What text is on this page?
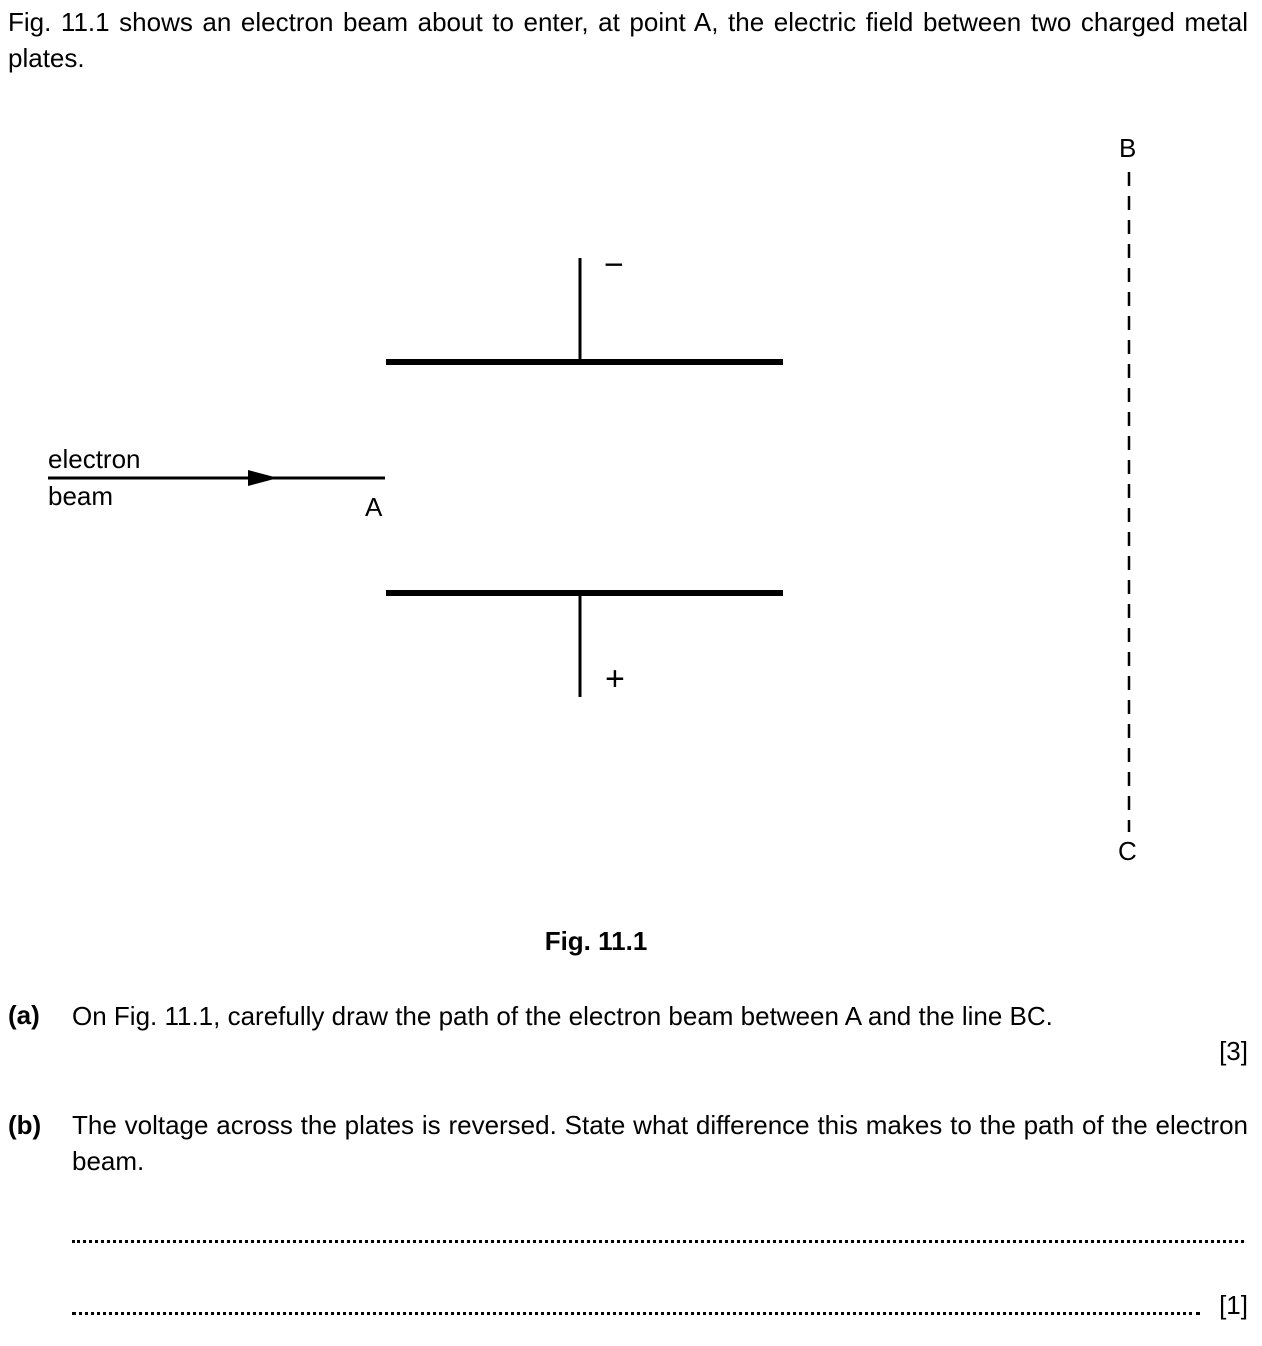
Fig. 11.1 shows an electron beam about to enter, at point A, the electric field between two charged metal plates.
electron
beam	A
−
+
B
C
Fig. 11.1
(a) On Fig. 11.1, carefully draw the path of the electron beam between A and the line BC.
[3]
(b) The voltage across the plates is reversed. State what difference this makes to the path of the electron beam.
[1]
